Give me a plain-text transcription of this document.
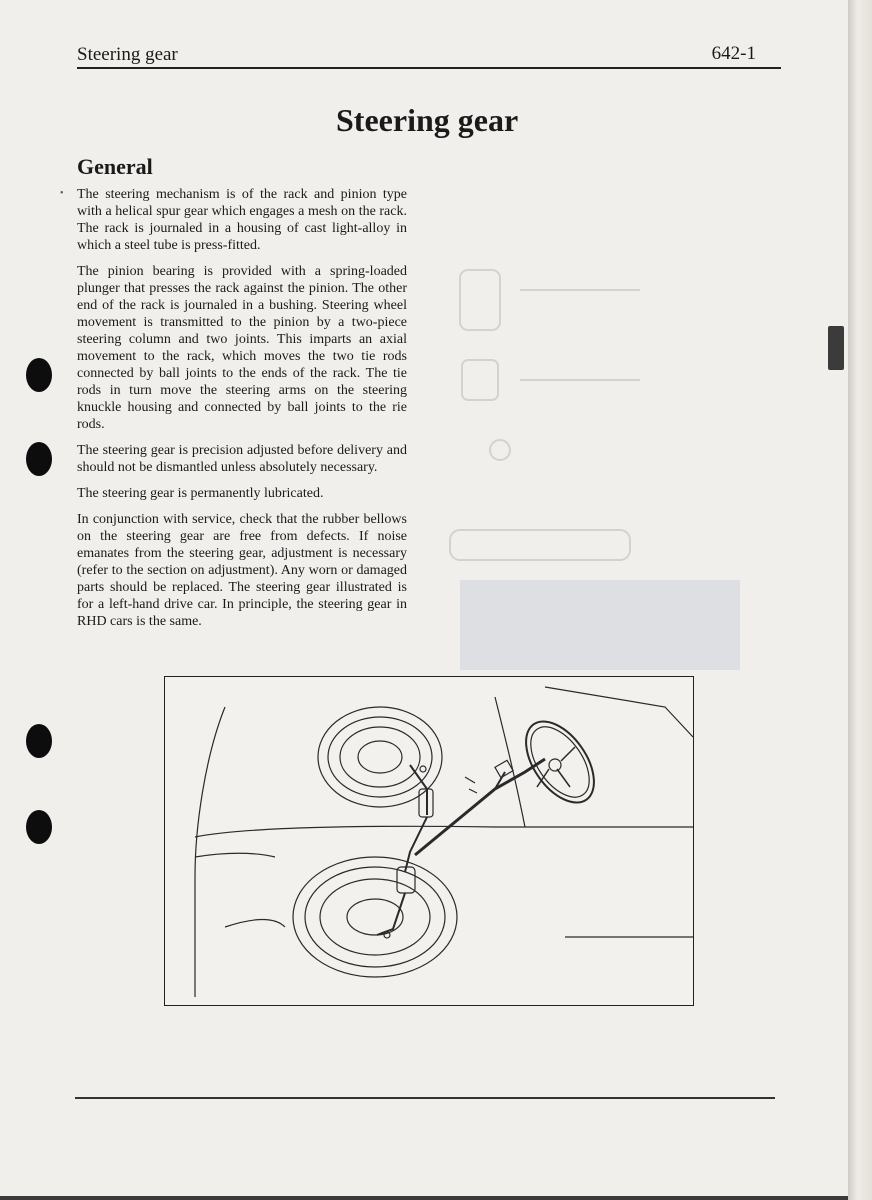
•
Steering gear	642-1
Steering gear
General

The steering mechanism is of the rack and pinion type with a helical spur gear which engages a mesh on the rack. The rack is journaled in a housing of cast light-alloy in which a steel tube is press-fitted.

The pinion bearing is provided with a spring-loaded plunger that presses the rack against the pinion. The other end of the rack is journaled in a bushing. Steering wheel movement is transmitted to the pinion by a two-piece steering column and two joints. This imparts an axial movement to the rack, which moves the two tie rods connected by ball joints to the ends of the rack. The tie rods in turn move the steering arms on the steering knuckle housing and connected by ball joints to the rie rods.

The steering gear is precision adjusted before delivery and should not be dismantled unless absolutely necessary.

The steering gear is permanently lubricated.

In conjunction with service, check that the rubber bellows on the steering gear are free from defects. If noise emanates from the steering gear, adjustment is necessary (refer to the section on adjustment). Any worn or damaged parts should be replaced. The steering gear illustrated is for a left-hand drive car. In principle, the steering gear in RHD cars is the same.
